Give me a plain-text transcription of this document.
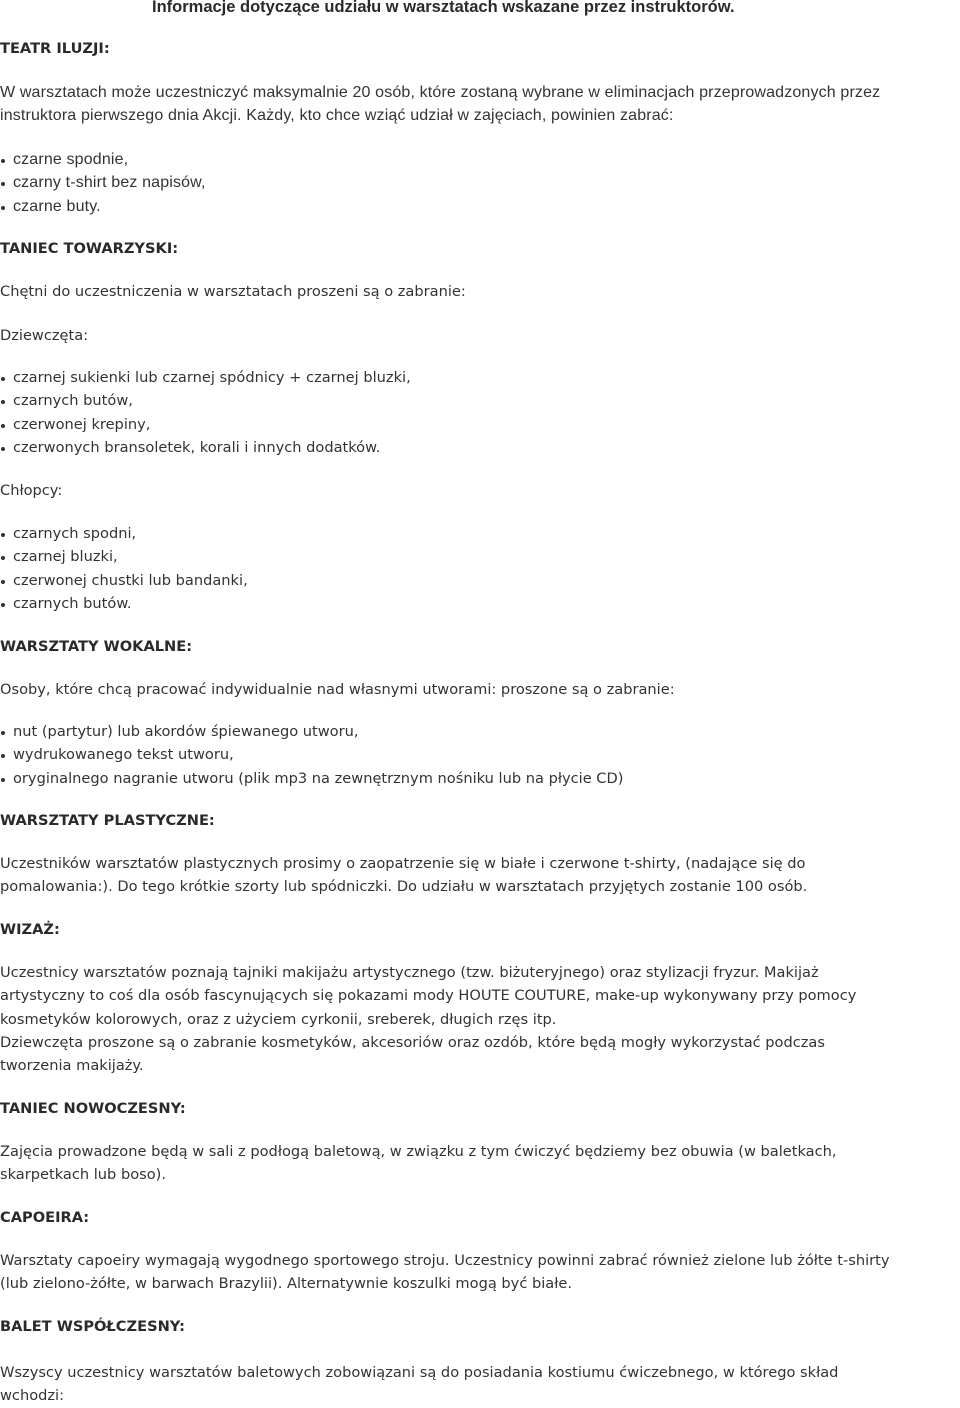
Informacje dotyczące udziału w warsztatach wskazane przez instruktorów.
TEATR ILUZJI:
W warsztatach może uczestniczyć maksymalnie 20 osób, które zostaną wybrane w eliminacjach przeprowadzonych przez
instruktora pierwszego dnia Akcji. Każdy, kto chce wziąć udział w zajęciach, powinien zabrać:
czarne spodnie,
czarny t-shirt bez napisów,
czarne buty.
TANIEC TOWARZYSKI:
Chętni do uczestniczenia w warsztatach proszeni są o zabranie:
Dziewczęta:
czarnej sukienki lub czarnej spódnicy + czarnej bluzki,
czarnych butów,
czerwonej krepiny,
czerwonych bransoletek, korali i innych dodatków.
Chłopcy:
czarnych spodni,
czarnej bluzki,
czerwonej chustki lub bandanki,
czarnych butów.
WARSZTATY WOKALNE:
Osoby, które chcą pracować indywidualnie nad własnymi utworami: proszone są o zabranie:
nut (partytur) lub akordów śpiewanego utworu,
wydrukowanego tekst utworu,
oryginalnego nagranie utworu (plik mp3 na zewnętrznym nośniku lub na płycie CD)
WARSZTATY PLASTYCZNE:
Uczestników warsztatów plastycznych prosimy o zaopatrzenie się w białe i czerwone t-shirty, (nadające się do
pomalowania:). Do tego krótkie szorty lub spódniczki. Do udziału w warsztatach przyjętych zostanie 100 osób.
WIZAŻ:
Uczestnicy warsztatów poznają tajniki makijażu artystycznego (tzw. biżuteryjnego) oraz stylizacji fryzur. Makijaż
artystyczny to coś dla osób fascynujących się pokazami mody HOUTE COUTURE, make-up wykonywany przy pomocy
kosmetyków kolorowych, oraz z użyciem cyrkonii, sreberek, długich rzęs itp.
Dziewczęta proszone są o zabranie kosmetyków, akcesoriów oraz ozdób, które będą mogły wykorzystać podczas
tworzenia makijaży.
TANIEC NOWOCZESNY:
Zajęcia prowadzone będą w sali z podłogą baletową, w związku z tym ćwiczyć będziemy bez obuwia (w baletkach,
skarpetkach lub boso).
CAPOEIRA:
Warsztaty capoeiry wymagają wygodnego sportowego stroju. Uczestnicy powinni zabrać również zielone lub żółte t-shirty
(lub zielono-żółte, w barwach Brazylii). Alternatywnie koszulki mogą być białe.
BALET WSPÓŁCZESNY:
Wszyscy uczestnicy warsztatów baletowych zobowiązani są do posiadania kostiumu ćwiczebnego, w którego skład
wchodzi:
